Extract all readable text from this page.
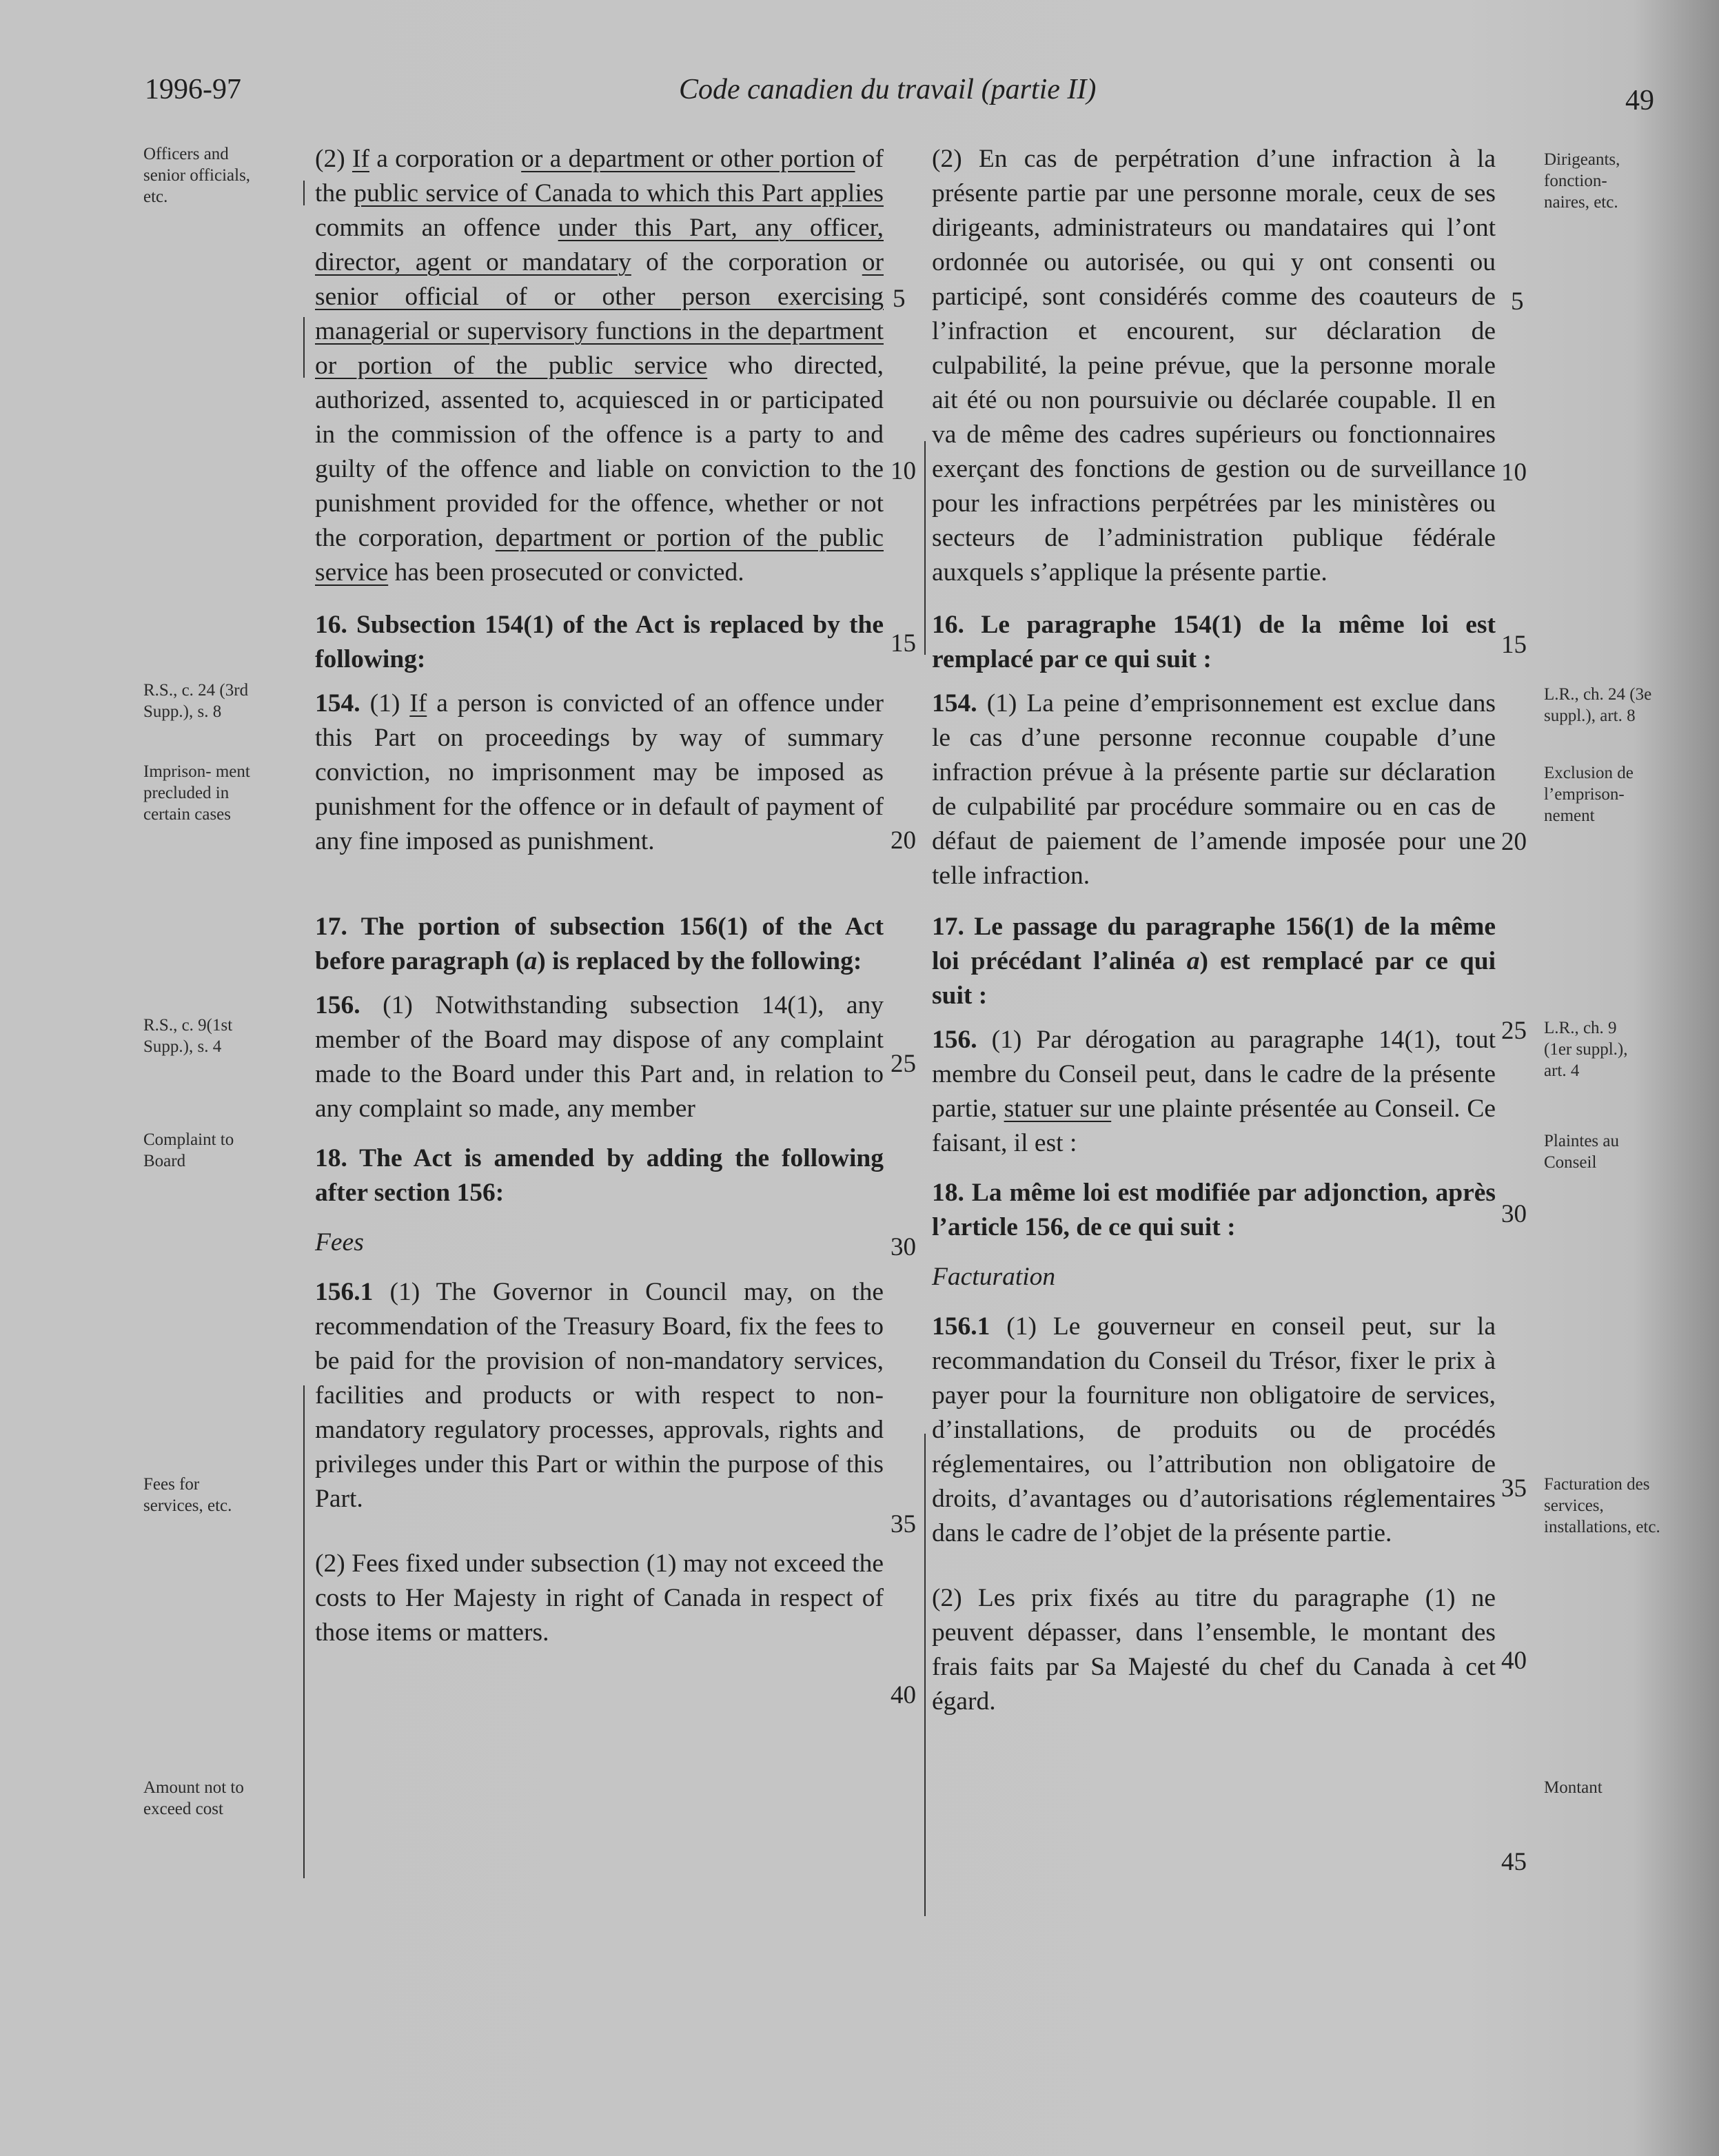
1996-97	Code canadien du travail (partie II)	49
Officers and senior officials, etc.
R.S., c. 24 (3rd Supp.), s. 8
Imprison- ment precluded in certain cases
R.S., c. 9(1st Supp.), s. 4
Complaint to Board
Fees for services, etc.
Amount not to exceed cost
Dirigeants, fonction- naires, etc.
L.R., ch. 24 (3e suppl.), art. 8
Exclusion de l’emprison- nement
L.R., ch. 9 (1er suppl.), art. 4
Plaintes au Conseil
Facturation des services, installations, etc.
Montant

(2) If a corporation or a department or other portion of the public service of Canada to which this Part applies commits an offence under this Part, any officer, director, agent or mandatary of the corporation or senior official of or other person exercising managerial or supervisory functions in the department or portion of the public service who directed, authorized, assented to, acquiesced in or participated in the commission of the offence is a party to and guilty of the offence and liable on conviction to the punishment provided for the offence, whether or not the corporation, department or portion of the public service has been prosecuted or convicted.

16. Subsection 154(1) of the Act is replaced by the following:

154. (1) If a person is convicted of an offence under this Part on proceedings by way of summary conviction, no imprisonment may be imposed as punishment for the offence or in default of payment of any fine imposed as punishment.

17. The portion of subsection 156(1) of the Act before paragraph (a) is replaced by the following:

156. (1) Notwithstanding subsection 14(1), any member of the Board may dispose of any complaint made to the Board under this Part and, in relation to any complaint so made, any member

18. The Act is amended by adding the following after section 156:

Fees

156.1 (1) The Governor in Council may, on the recommendation of the Treasury Board, fix the fees to be paid for the provision of non-mandatory services, facilities and products or with respect to non-mandatory regulatory processes, approvals, rights and privileges under this Part or within the purpose of this Part.

(2) Fees fixed under subsection (1) may not exceed the costs to Her Majesty in right of Canada in respect of those items or matters.

(2) En cas de perpétration d’une infraction à la présente partie par une personne morale, ceux de ses dirigeants, administrateurs ou mandataires qui l’ont ordonnée ou autorisée, ou qui y ont consenti ou participé, sont considérés comme des coauteurs de l’infraction et encourent, sur déclaration de culpabilité, la peine prévue, que la personne morale ait été ou non poursuivie ou déclarée coupable. Il en va de même des cadres supérieurs ou fonctionnaires exerçant des fonctions de gestion ou de surveillance pour les infractions perpétrées par les ministères ou secteurs de l’administration publique fédérale auxquels s’applique la présente partie.

16. Le paragraphe 154(1) de la même loi est remplacé par ce qui suit :

154. (1) La peine d’emprisonnement est exclue dans le cas d’une personne reconnue coupable d’une infraction prévue à la présente partie sur déclaration de culpabilité par procédure sommaire ou en cas de défaut de paiement de l’amende imposée pour une telle infraction.

17. Le passage du paragraphe 156(1) de la même loi précédant l’alinéa a) est remplacé par ce qui suit :

156. (1) Par dérogation au paragraphe 14(1), tout membre du Conseil peut, dans le cadre de la présente partie, statuer sur une plainte présentée au Conseil. Ce faisant, il est :

18. La même loi est modifiée par adjonction, après l’article 156, de ce qui suit :

Facturation

156.1 (1) Le gouverneur en conseil peut, sur la recommandation du Conseil du Trésor, fixer le prix à payer pour la fourniture non obligatoire de services, d’installations, de produits ou de procédés réglementaires, ou l’attribution non obligatoire de droits, d’avantages ou d’autorisations réglementaires dans le cadre de l’objet de la présente partie.

(2) Les prix fixés au titre du paragraphe (1) ne peuvent dépasser, dans l’ensemble, le montant des frais faits par Sa Majesté du chef du Canada à cet égard.

5
10
15
20
25
30
35
40
5
10
15
20
25
30
35
40
45
